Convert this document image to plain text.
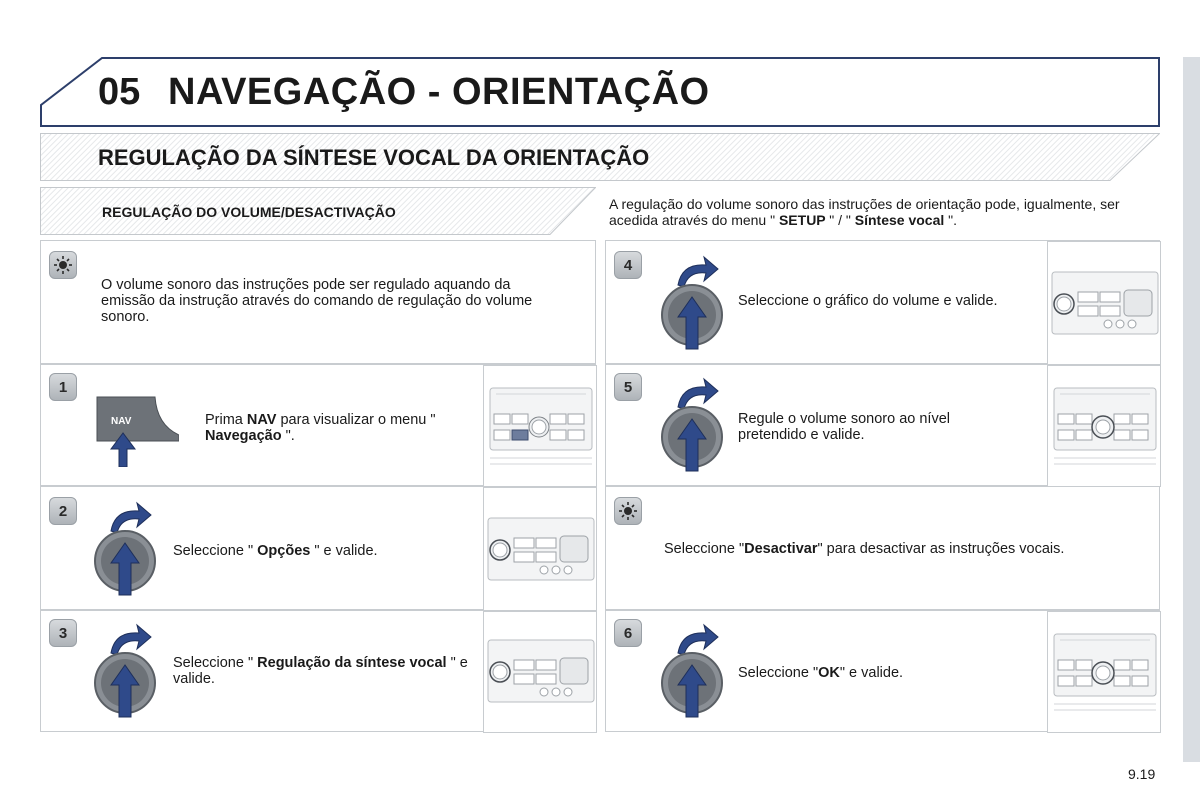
05 NAVEGAÇÃO - ORIENTAÇÃO
REGULAÇÃO DA SÍNTESE VOCAL DA ORIENTAÇÃO
REGULAÇÃO DO VOLUME/DESACTIVAÇÃO	A regulação do volume sonoro das instruções de orientação pode, igualmente, ser acedida através do menu " SETUP " / " Síntese vocal ".
O volume sonoro das instruções pode ser regulado aquando da emissão da instrução através do comando de regulação do volume sonoro.
1
NAV	Prima NAV para visualizar o menu " Navegação ".
2
Seleccione " Opções " e valide.
3
Seleccione " Regulação da síntese vocal " e valide.
4
Seleccione o gráfico do volume e valide.
5
Regule o volume sonoro ao nível pretendido e valide.
Seleccione "Desactivar" para desactivar as instruções vocais.
6
Seleccione "OK" e valide.
9.19
